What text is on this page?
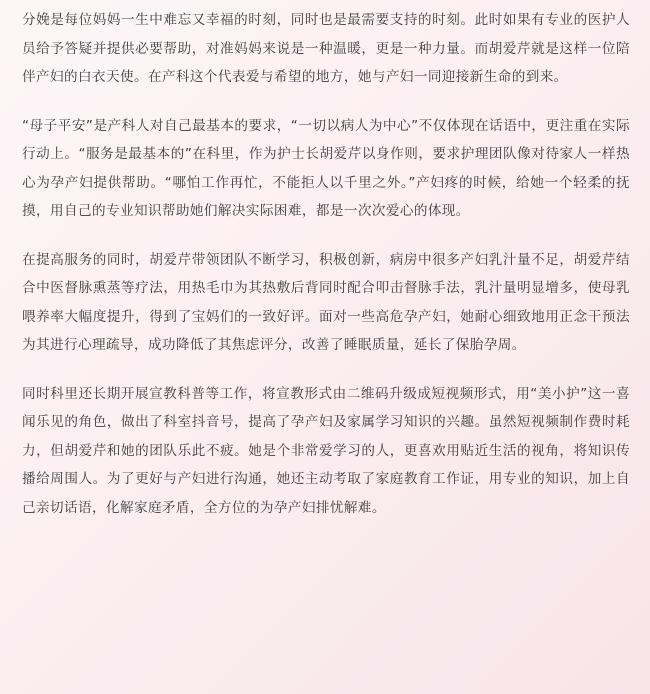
分娩是每位妈妈一生中难忘又幸福的时刻，同时也是最需要支持的时刻。此时如果有专业的医护人员给予答疑并提供必要帮助，对准妈妈来说是一种温暖，更是一种力量。而胡爱芹就是这样一位陪伴产妇的白衣天使。在产科这个代表爱与希望的地方，她与产妇一同迎接新生命的到来。

“母子平安”是产科人对自己最基本的要求，“一切以病人为中心”不仅体现在话语中，更注重在实际行动上。“服务是最基本的”在科里，作为护士长胡爱芹以身作则，要求护理团队像对待家人一样热心为孕产妇提供帮助。“哪怕工作再忙，不能拒人以千里之外。”产妇疼的时候，给她一个轻柔的抚摸，用自己的专业知识帮助她们解决实际困难，都是一次次爱心的体现。

在提高服务的同时，胡爱芹带领团队不断学习，积极创新，病房中很多产妇乳汁量不足，胡爱芹结合中医督脉熏蒸等疗法，用热毛巾为其热敷后背同时配合叩击督脉手法，乳汁量明显增多，使母乳喂养率大幅度提升，得到了宝妈们的一致好评。面对一些高危孕产妇，她耐心细致地用正念干预法为其进行心理疏导，成功降低了其焦虑评分，改善了睡眠质量，延长了保胎孕周。

同时科里还长期开展宣教科普等工作，将宣教形式由二维码升级成短视频形式，用“美小护”这一喜闻乐见的角色，做出了科室抖音号，提高了孕产妇及家属学习知识的兴趣。虽然短视频制作费时耗力，但胡爱芹和她的团队乐此不疲。她是个非常爱学习的人，更喜欢用贴近生活的视角，将知识传播给周围人。为了更好与产妇进行沟通，她还主动考取了家庭教育工作证，用专业的知识，加上自己亲切话语，化解家庭矛盾，全方位的为孕产妇排忧解难。
